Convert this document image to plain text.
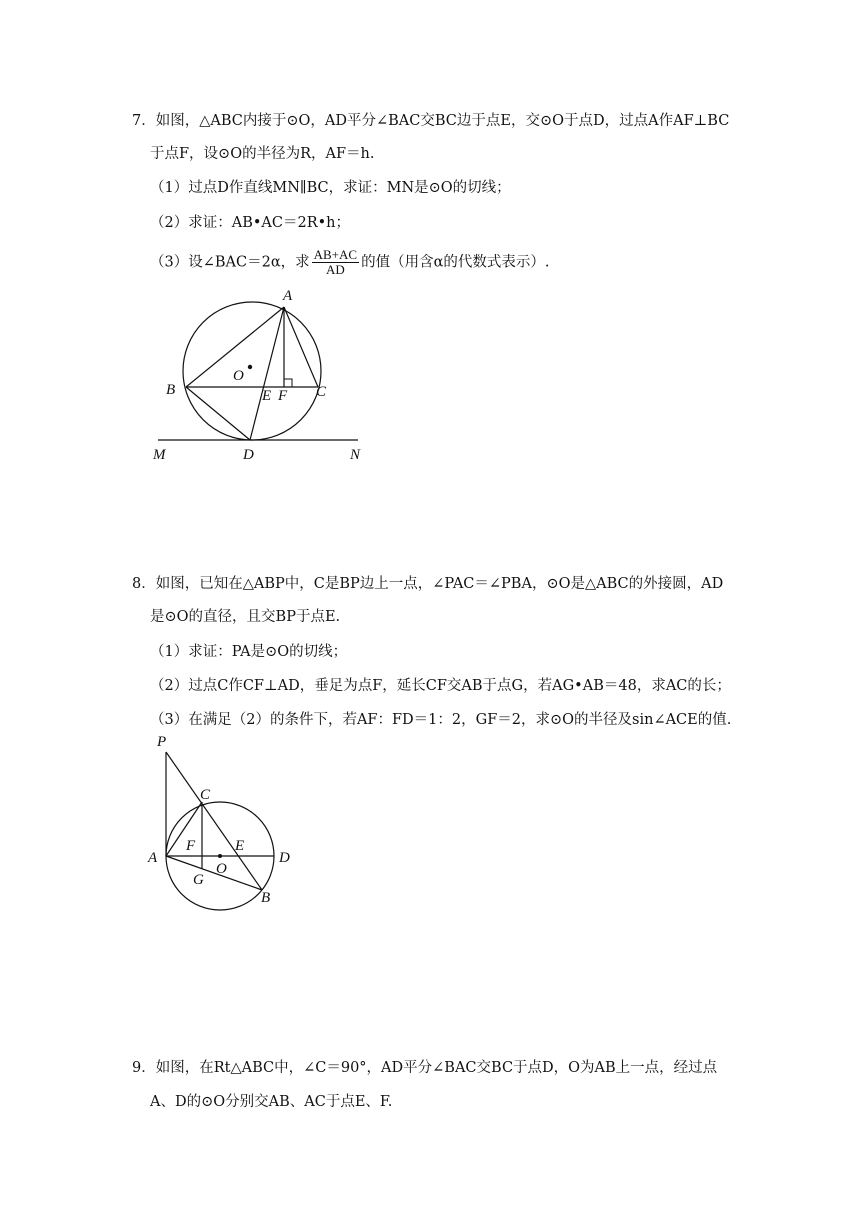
7．如图，△ABC内接于⊙O，AD平分∠BAC交BC边于点E，交⊙O于点D，过点A作AF⊥BC
于点F，设⊙O的半径为R，AF＝h.
（1）过点D作直线MN∥BC，求证：MN是⊙O的切线；
（2）求证：AB•AC＝2R•h；
（3）设∠BAC＝2α，求 $\frac{AB+AC}{AD}$ 的值（用含α的代数式表示）.
A
O
B	E F C
M	D	N
P
C
A
F	E
O
D
G
B
8．如图，已知在△ABP中，C是BP边上一点，∠PAC＝∠PBA，⊙O是△ABC的外接圆，AD
是⊙O的直径，且交BP于点E.
（1）求证：PA是⊙O的切线；
（2）过点C作CF⊥AD，垂足为点F，延长CF交AB于点G，若AG•AB＝48，求AC的长；
（3）在满足（2）的条件下，若AF：FD＝1：2，GF＝2，求⊙O的半径及sin∠ACE的值.
9．如图，在Rt△ABC中，∠C＝90°，AD平分∠BAC交BC于点D，O为AB上一点，经过点
A、D的⊙O分别交AB、AC于点E、F.
